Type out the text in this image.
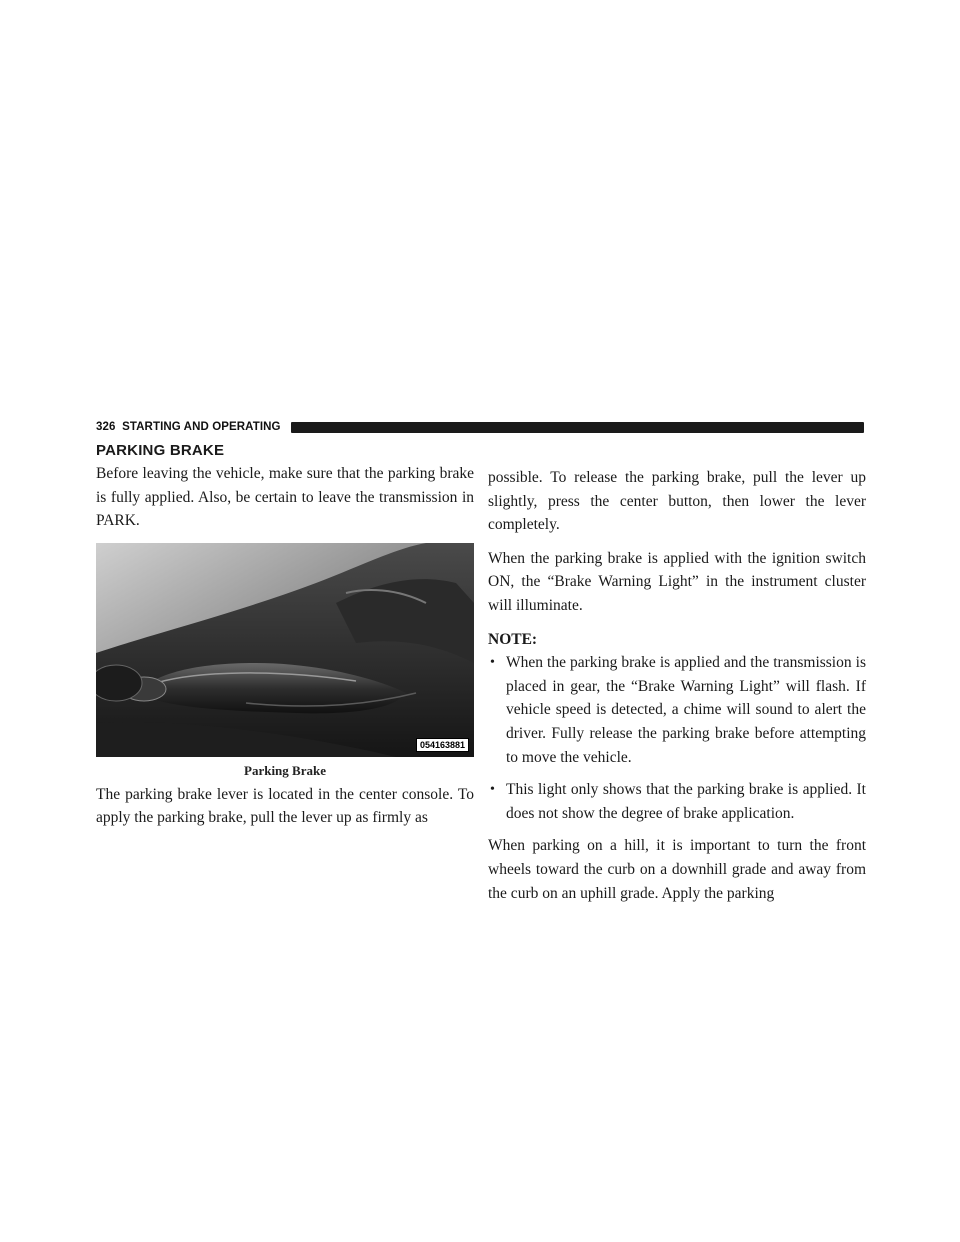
326 STARTING AND OPERATING
PARKING BRAKE

Before leaving the vehicle, make sure that the parking brake is fully applied. Also, be certain to leave the transmission in PARK.

054163881
Parking Brake

The parking brake lever is located in the center console. To apply the parking brake, pull the lever up as firmly as

possible. To release the parking brake, pull the lever up slightly, press the center button, then lower the lever completely.

When the parking brake is applied with the ignition switch ON, the “Brake Warning Light” in the instrument cluster will illuminate.

NOTE:
• When the parking brake is applied and the transmission is placed in gear, the “Brake Warning Light” will flash. If vehicle speed is detected, a chime will sound to alert the driver. Fully release the parking brake before attempting to move the vehicle.
• This light only shows that the parking brake is applied. It does not show the degree of brake application.

When parking on a hill, it is important to turn the front wheels toward the curb on a downhill grade and away from the curb on an uphill grade. Apply the parking
